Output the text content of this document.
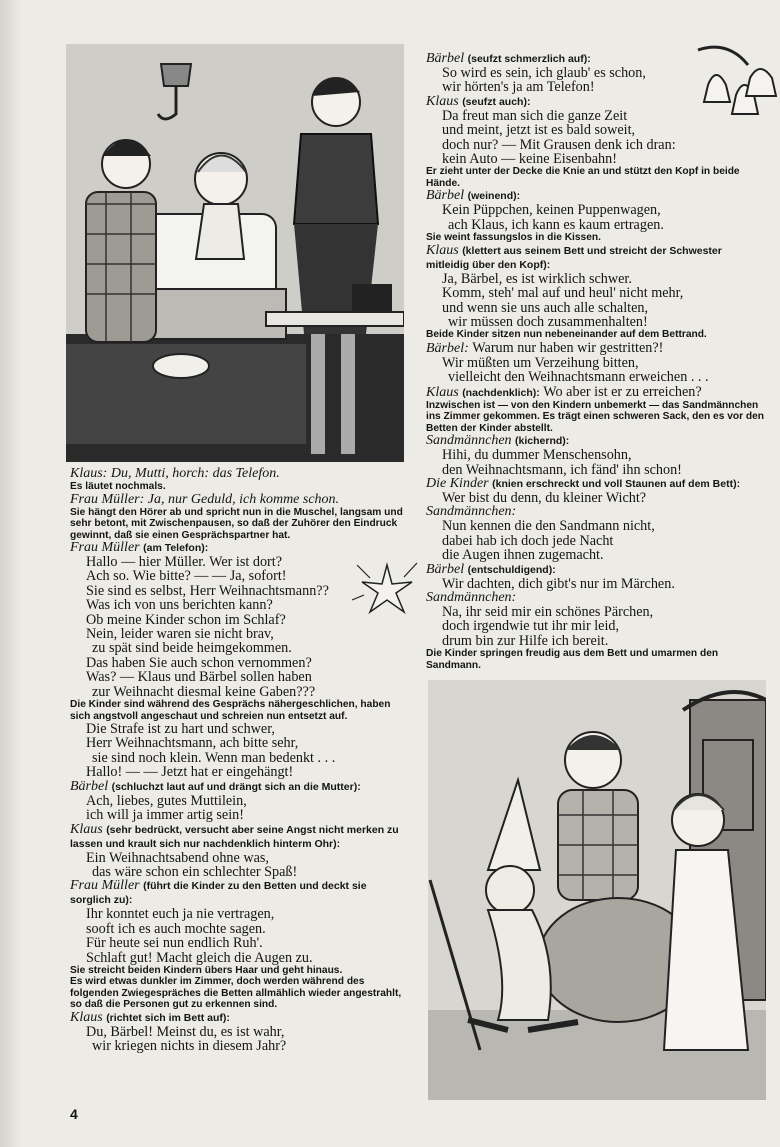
Klaus: Du, Mutti, horch: das Telefon.

Es läutet nochmals.

Frau Müller: Ja, nur Geduld, ich komme schon.

Sie hängt den Hörer ab und spricht nun in die Muschel, langsam und sehr betont, mit Zwischenpausen, so daß der Zuhörer den Eindruck gewinnt, daß sie einen Gesprächspartner hat.

Frau Müller (am Telefon):

Hallo — hier Müller. Wer ist dort?

Ach so. Wie bitte? — — Ja, sofort!

Sie sind es selbst, Herr Weihnachtsmann??

Was ich von uns berichten kann?

Ob meine Kinder schon im Schlaf?

Nein, leider waren sie nicht brav,

zu spät sind beide heimgekommen.

Das haben Sie auch schon vernommen?

Was? — Klaus und Bärbel sollen haben

zur Weihnacht diesmal keine Gaben???

Die Kinder sind während des Gesprächs nähergeschlichen, haben sich angstvoll angeschaut und schreien nun entsetzt auf.

Die Strafe ist zu hart und schwer,

Herr Weihnachtsmann, ach bitte sehr,

sie sind noch klein. Wenn man bedenkt . . .

Hallo! — — Jetzt hat er eingehängt!

Bärbel (schluchzt laut auf und drängt sich an die Mutter):

Ach, liebes, gutes Muttilein,

ich will ja immer artig sein!

Klaus (sehr bedrückt, versucht aber seine Angst nicht merken zu lassen und krault sich nur nachdenklich hinterm Ohr):

Ein Weihnachtsabend ohne was,

das wäre schon ein schlechter Spaß!

Frau Müller (führt die Kinder zu den Betten und deckt sie sorglich zu):

Ihr konntet euch ja nie vertragen,

sooft ich es auch mochte sagen.

Für heute sei nun endlich Ruh'.

Schlaft gut! Macht gleich die Augen zu.

Sie streicht beiden Kindern übers Haar und geht hinaus.

Es wird etwas dunkler im Zimmer, doch werden während des folgenden Zwiegespräches die Betten allmählich wieder angestrahlt, so daß die Personen gut zu erkennen sind.

Klaus (richtet sich im Bett auf):

Du, Bärbel! Meinst du, es ist wahr,

wir kriegen nichts in diesem Jahr?

Bärbel (seufzt schmerzlich auf):

So wird es sein, ich glaub' es schon,

wir hörten's ja am Telefon!

Klaus (seufzt auch):

Da freut man sich die ganze Zeit

und meint, jetzt ist es bald soweit,

doch nur? — Mit Grausen denk ich dran:

kein Auto — keine Eisenbahn!

Er zieht unter der Decke die Knie an und stützt den Kopf in beide Hände.

Bärbel (weinend):

Kein Püppchen, keinen Puppenwagen,

ach Klaus, ich kann es kaum ertragen.

Sie weint fassungslos in die Kissen.

Klaus (klettert aus seinem Bett und streicht der Schwester mitleidig über den Kopf):

Ja, Bärbel, es ist wirklich schwer.

Komm, steh' mal auf und heul' nicht mehr,

und wenn sie uns auch alle schalten,

wir müssen doch zusammenhalten!

Beide Kinder sitzen nun nebeneinander auf dem Bettrand.

Bärbel: Warum nur haben wir gestritten?!

Wir müßten um Verzeihung bitten,

vielleicht den Weihnachtsmann erweichen . . .

Klaus (nachdenklich): Wo aber ist er zu erreichen?

Inzwischen ist — von den Kindern unbemerkt — das Sandmännchen ins Zimmer gekommen. Es trägt einen schweren Sack, den es vor den Betten der Kinder abstellt.

Sandmännchen (kichernd):

Hihi, du dummer Menschensohn,

den Weihnachtsmann, ich fänd' ihn schon!

Die Kinder (knien erschreckt und voll Staunen auf dem Bett):

Wer bist du denn, du kleiner Wicht?

Sandmännchen:

Nun kennen die den Sandmann nicht,

dabei hab ich doch jede Nacht

die Augen ihnen zugemacht.

Bärbel (entschuldigend):

Wir dachten, dich gibt's nur im Märchen.

Sandmännchen:

Na, ihr seid mir ein schönes Pärchen,

doch irgendwie tut ihr mir leid,

drum bin zur Hilfe ich bereit.

Die Kinder springen freudig aus dem Bett und umarmen den Sandmann.

4
